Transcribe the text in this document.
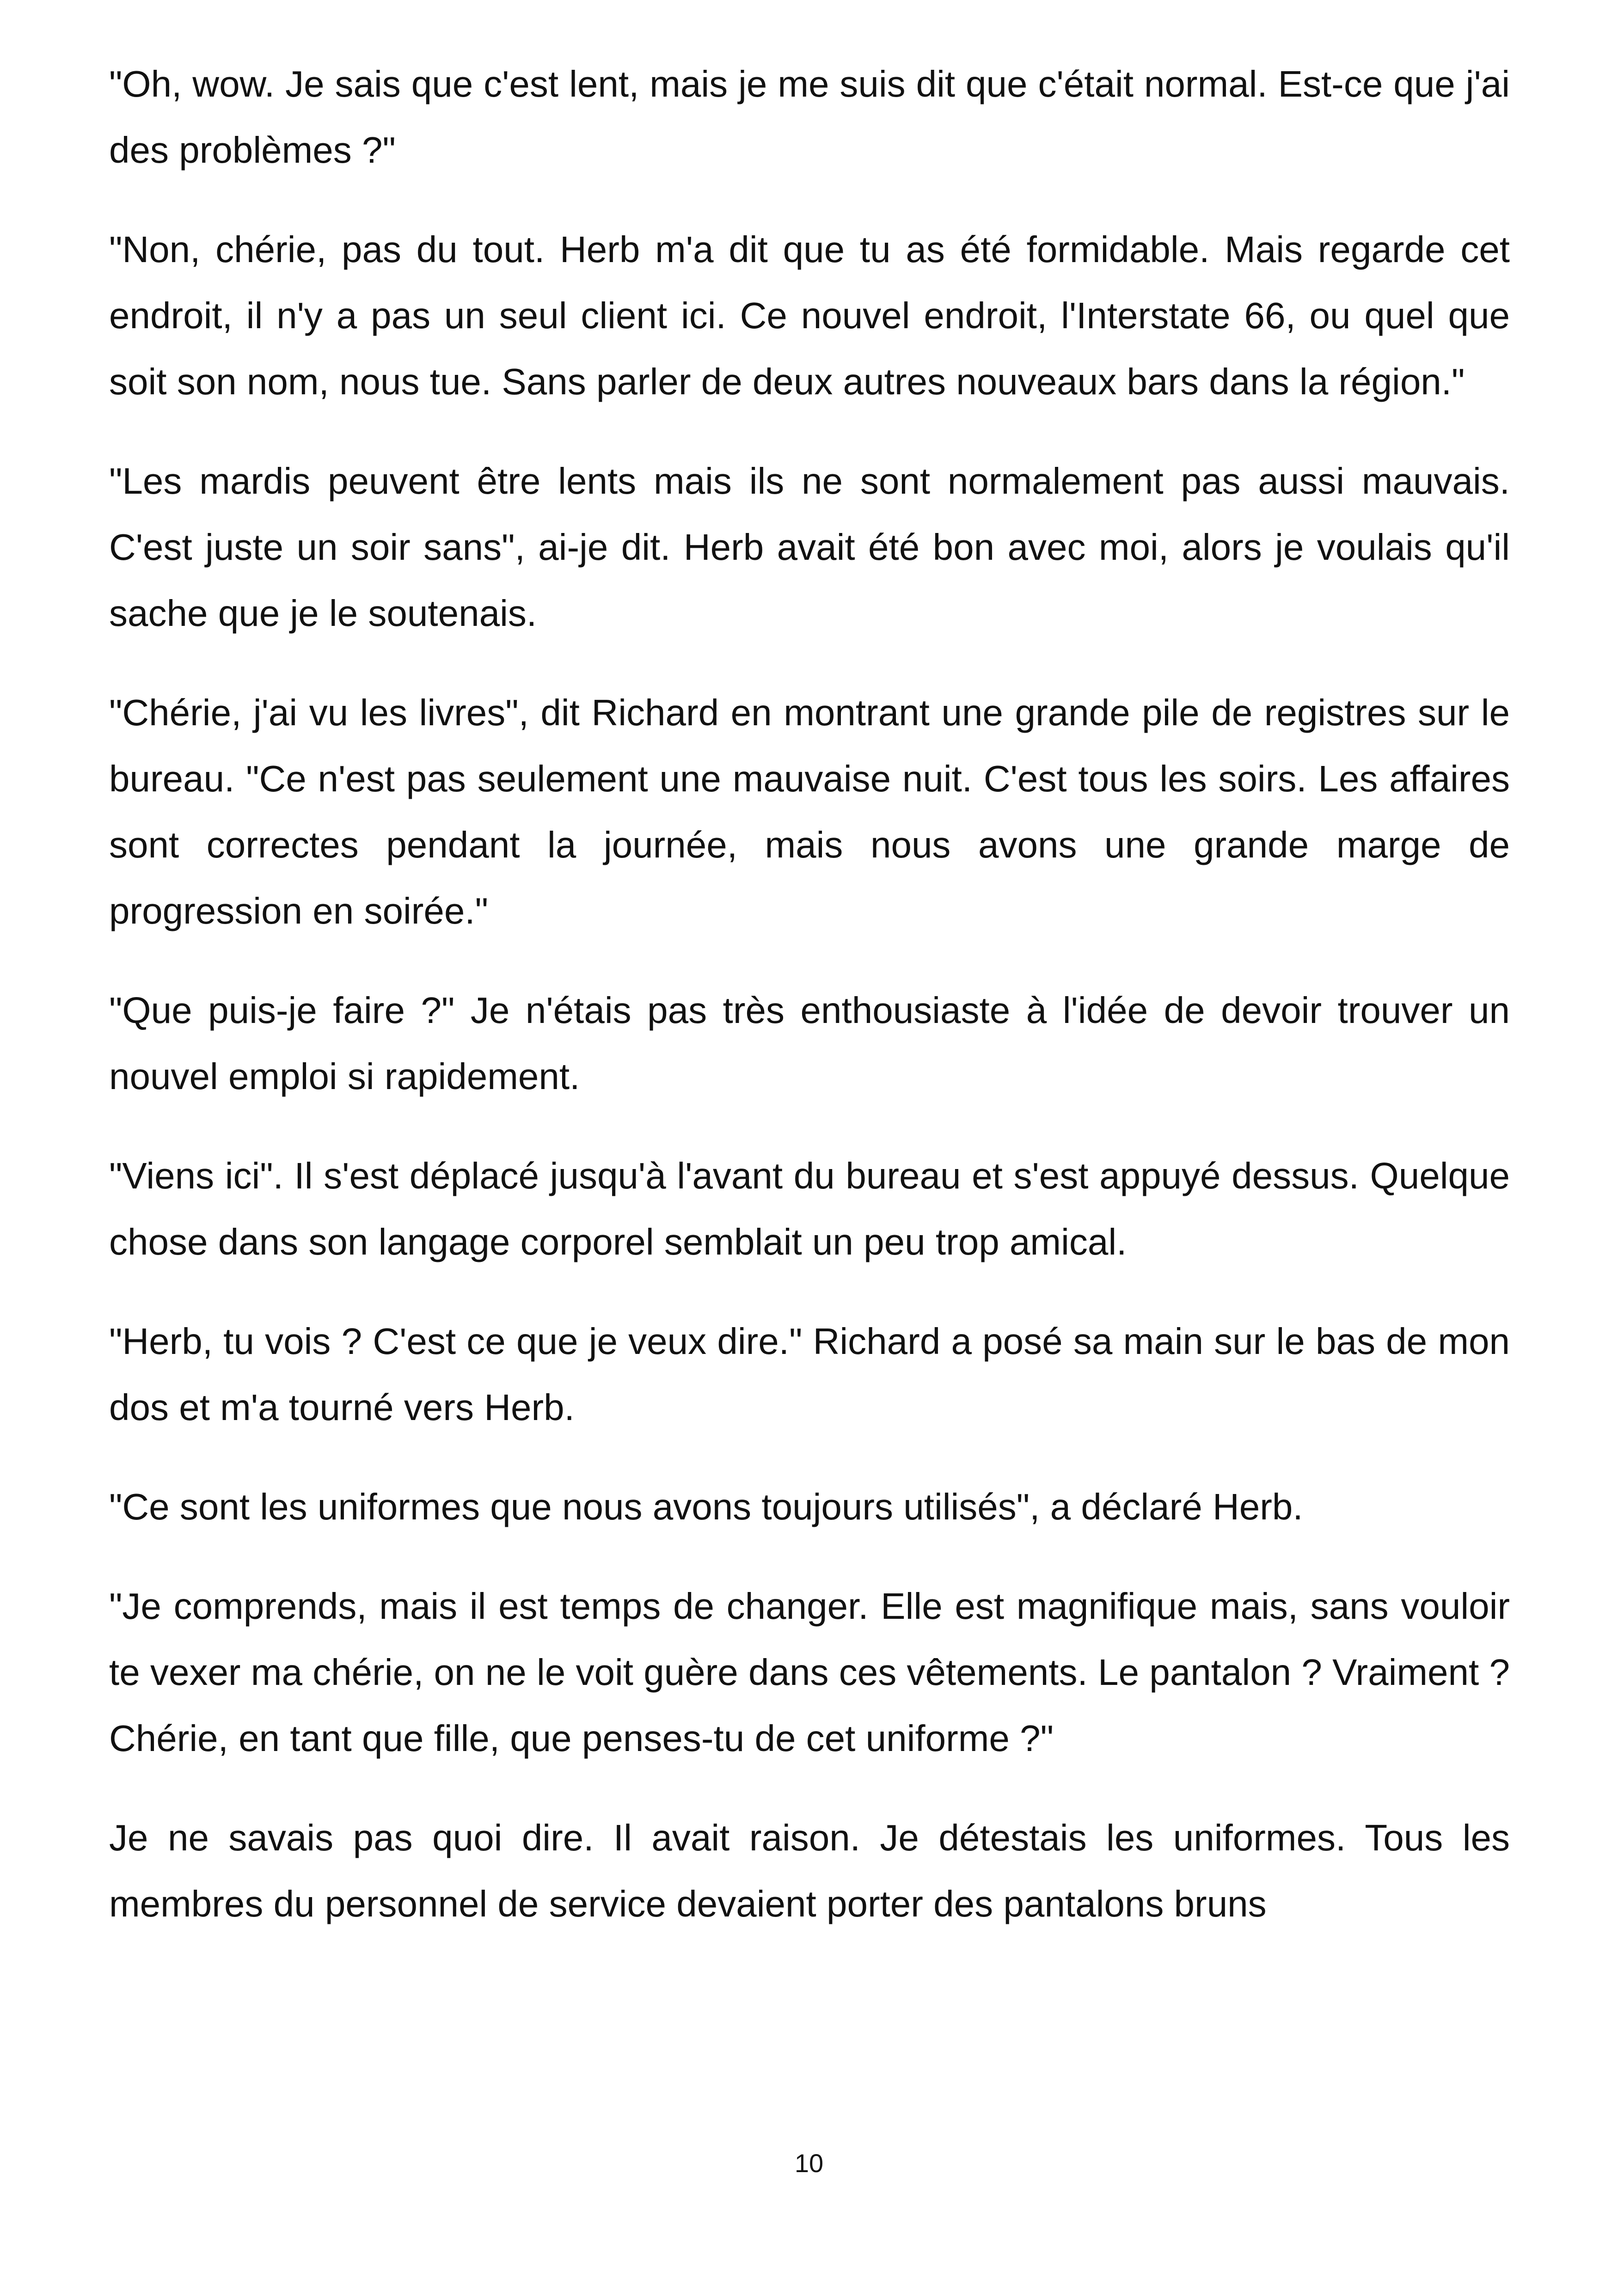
"Oh, wow. Je sais que c'est lent, mais je me suis dit que c'était normal. Est-ce que j'ai des problèmes ?"

"Non, chérie, pas du tout. Herb m'a dit que tu as été formidable. Mais regarde cet endroit, il n'y a pas un seul client ici. Ce nouvel endroit, l'Interstate 66, ou quel que soit son nom, nous tue. Sans parler de deux autres nouveaux bars dans la région."

"Les mardis peuvent être lents mais ils ne sont normalement pas aussi mauvais. C'est juste un soir sans", ai-je dit. Herb avait été bon avec moi, alors je voulais qu'il sache que je le soutenais.

"Chérie, j'ai vu les livres", dit Richard en montrant une grande pile de registres sur le bureau. "Ce n'est pas seulement une mauvaise nuit. C'est tous les soirs. Les affaires sont correctes pendant la journée, mais nous avons une grande marge de progression en soirée."

"Que puis-je faire ?" Je n'étais pas très enthousiaste à l'idée de devoir trouver un nouvel emploi si rapidement.

"Viens ici". Il s'est déplacé jusqu'à l'avant du bureau et s'est appuyé dessus. Quelque chose dans son langage corporel semblait un peu trop amical.

"Herb, tu vois ? C'est ce que je veux dire." Richard a posé sa main sur le bas de mon dos et m'a tourné vers Herb.

"Ce sont les uniformes que nous avons toujours utilisés", a déclaré Herb.

"Je comprends, mais il est temps de changer. Elle est magnifique mais, sans vouloir te vexer ma chérie, on ne le voit guère dans ces vêtements. Le pantalon ? Vraiment ? Chérie, en tant que fille, que penses-tu de cet uniforme ?"

Je ne savais pas quoi dire. Il avait raison. Je détestais les uniformes. Tous les membres du personnel de service devaient porter des pantalons bruns

10
